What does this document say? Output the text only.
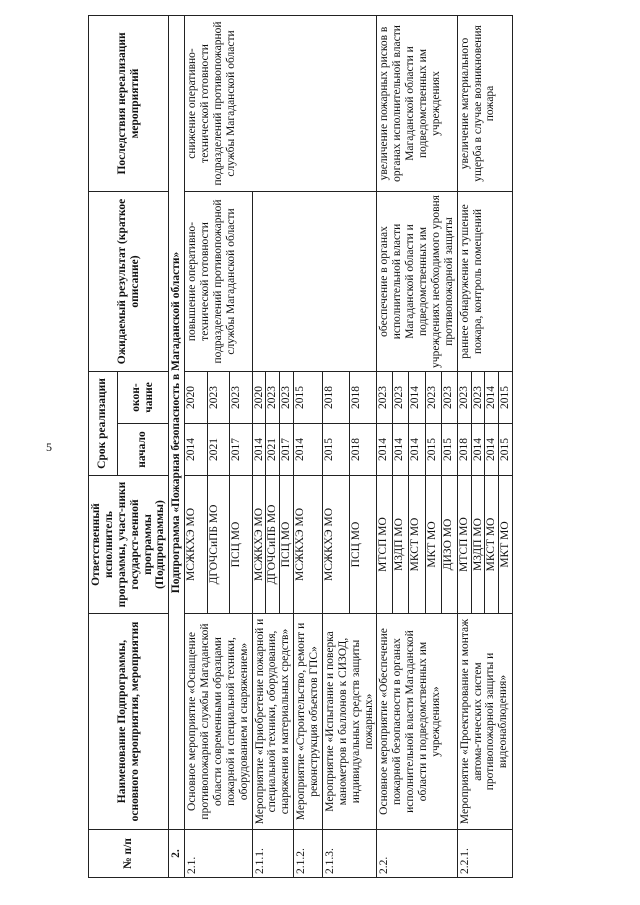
5
№ п/п	Наименование Подпрограммы, основного мероприятия, мероприятия	Ответственный исполнитель программы, участ-ники государст-венной программы (Подпрограммы)	Срок реализации		Ожидаемый результат (краткое описание)	Последствия нереализации мероприятий
			начало	окон-чание		
2.	Подпрограмма «Пожарная безопасность в Магаданской области»					
2.1.	Основное мероприятие «Оснащение противопожарной службы Магаданской области современными образцами пожарной и специальной техники, оборудованием и снаряжением»	МСЖКХЭ МО	2014	2020	повышение оперативно-технической готовности подразделений противопожарной службы Магаданской области	снижение оперативно-технической готовности подразделений противопожарной службы Магаданской области
		ДГОЧСиПБ МО	2021	2023		
		ПСЦ МО	2017	2023		
2.1.1.	Мероприятие «Приобретение пожарной и специальной техники, оборудования, снаряжения и материальных средств»	МСЖКХЭ МО	2014	2020		
		ДГОЧСиПБ МО	2021	2023		
		ПСЦ МО	2017	2023		
2.1.2.	Мероприятие «Строительство, ремонт и реконструкция объектов ГПС»	МСЖКХЭ МО	2014	2015		
2.1.3.	Мероприятие «Испытание и поверка манометров и баллонов к СИЗОД, индивидуальных средств защиты пожарных»	МСЖКХЭ МО	2015	2018		
		ПСЦ МО	2018	2018		
2.2.	Основное мероприятие «Обеспечение пожарной безопасности в органах исполнительной власти Магаданской области и подведомственных им учреждениях»	МТСП МО	2014	2023	обеспечение в органах исполнительной власти Магаданской области и подведомственных им учреждениях необходимого уровня противопожарной защиты	увеличение пожарных рисков в органах исполнительной власти Магаданской области и подведомственных им учреждениях
		МЗДП МО	2014	2023		
		МКСТ МО	2014	2014		
		МКТ МО	2015	2023		
		ДИЗО МО	2015	2023		
2.2.1.	Мероприятие «Проектирование и монтаж автома-тических систем противопожарной защиты и видеонаблюдения»	МТСП МО	2018	2023	раннее обнаружение и тушение пожара, контроль помещений	увеличение материального ущерба в случае возникновения пожара
		МЗДП МО	2014	2023		
		МКСТ МО	2014	2014		
		МКТ МО	2015	2015		
